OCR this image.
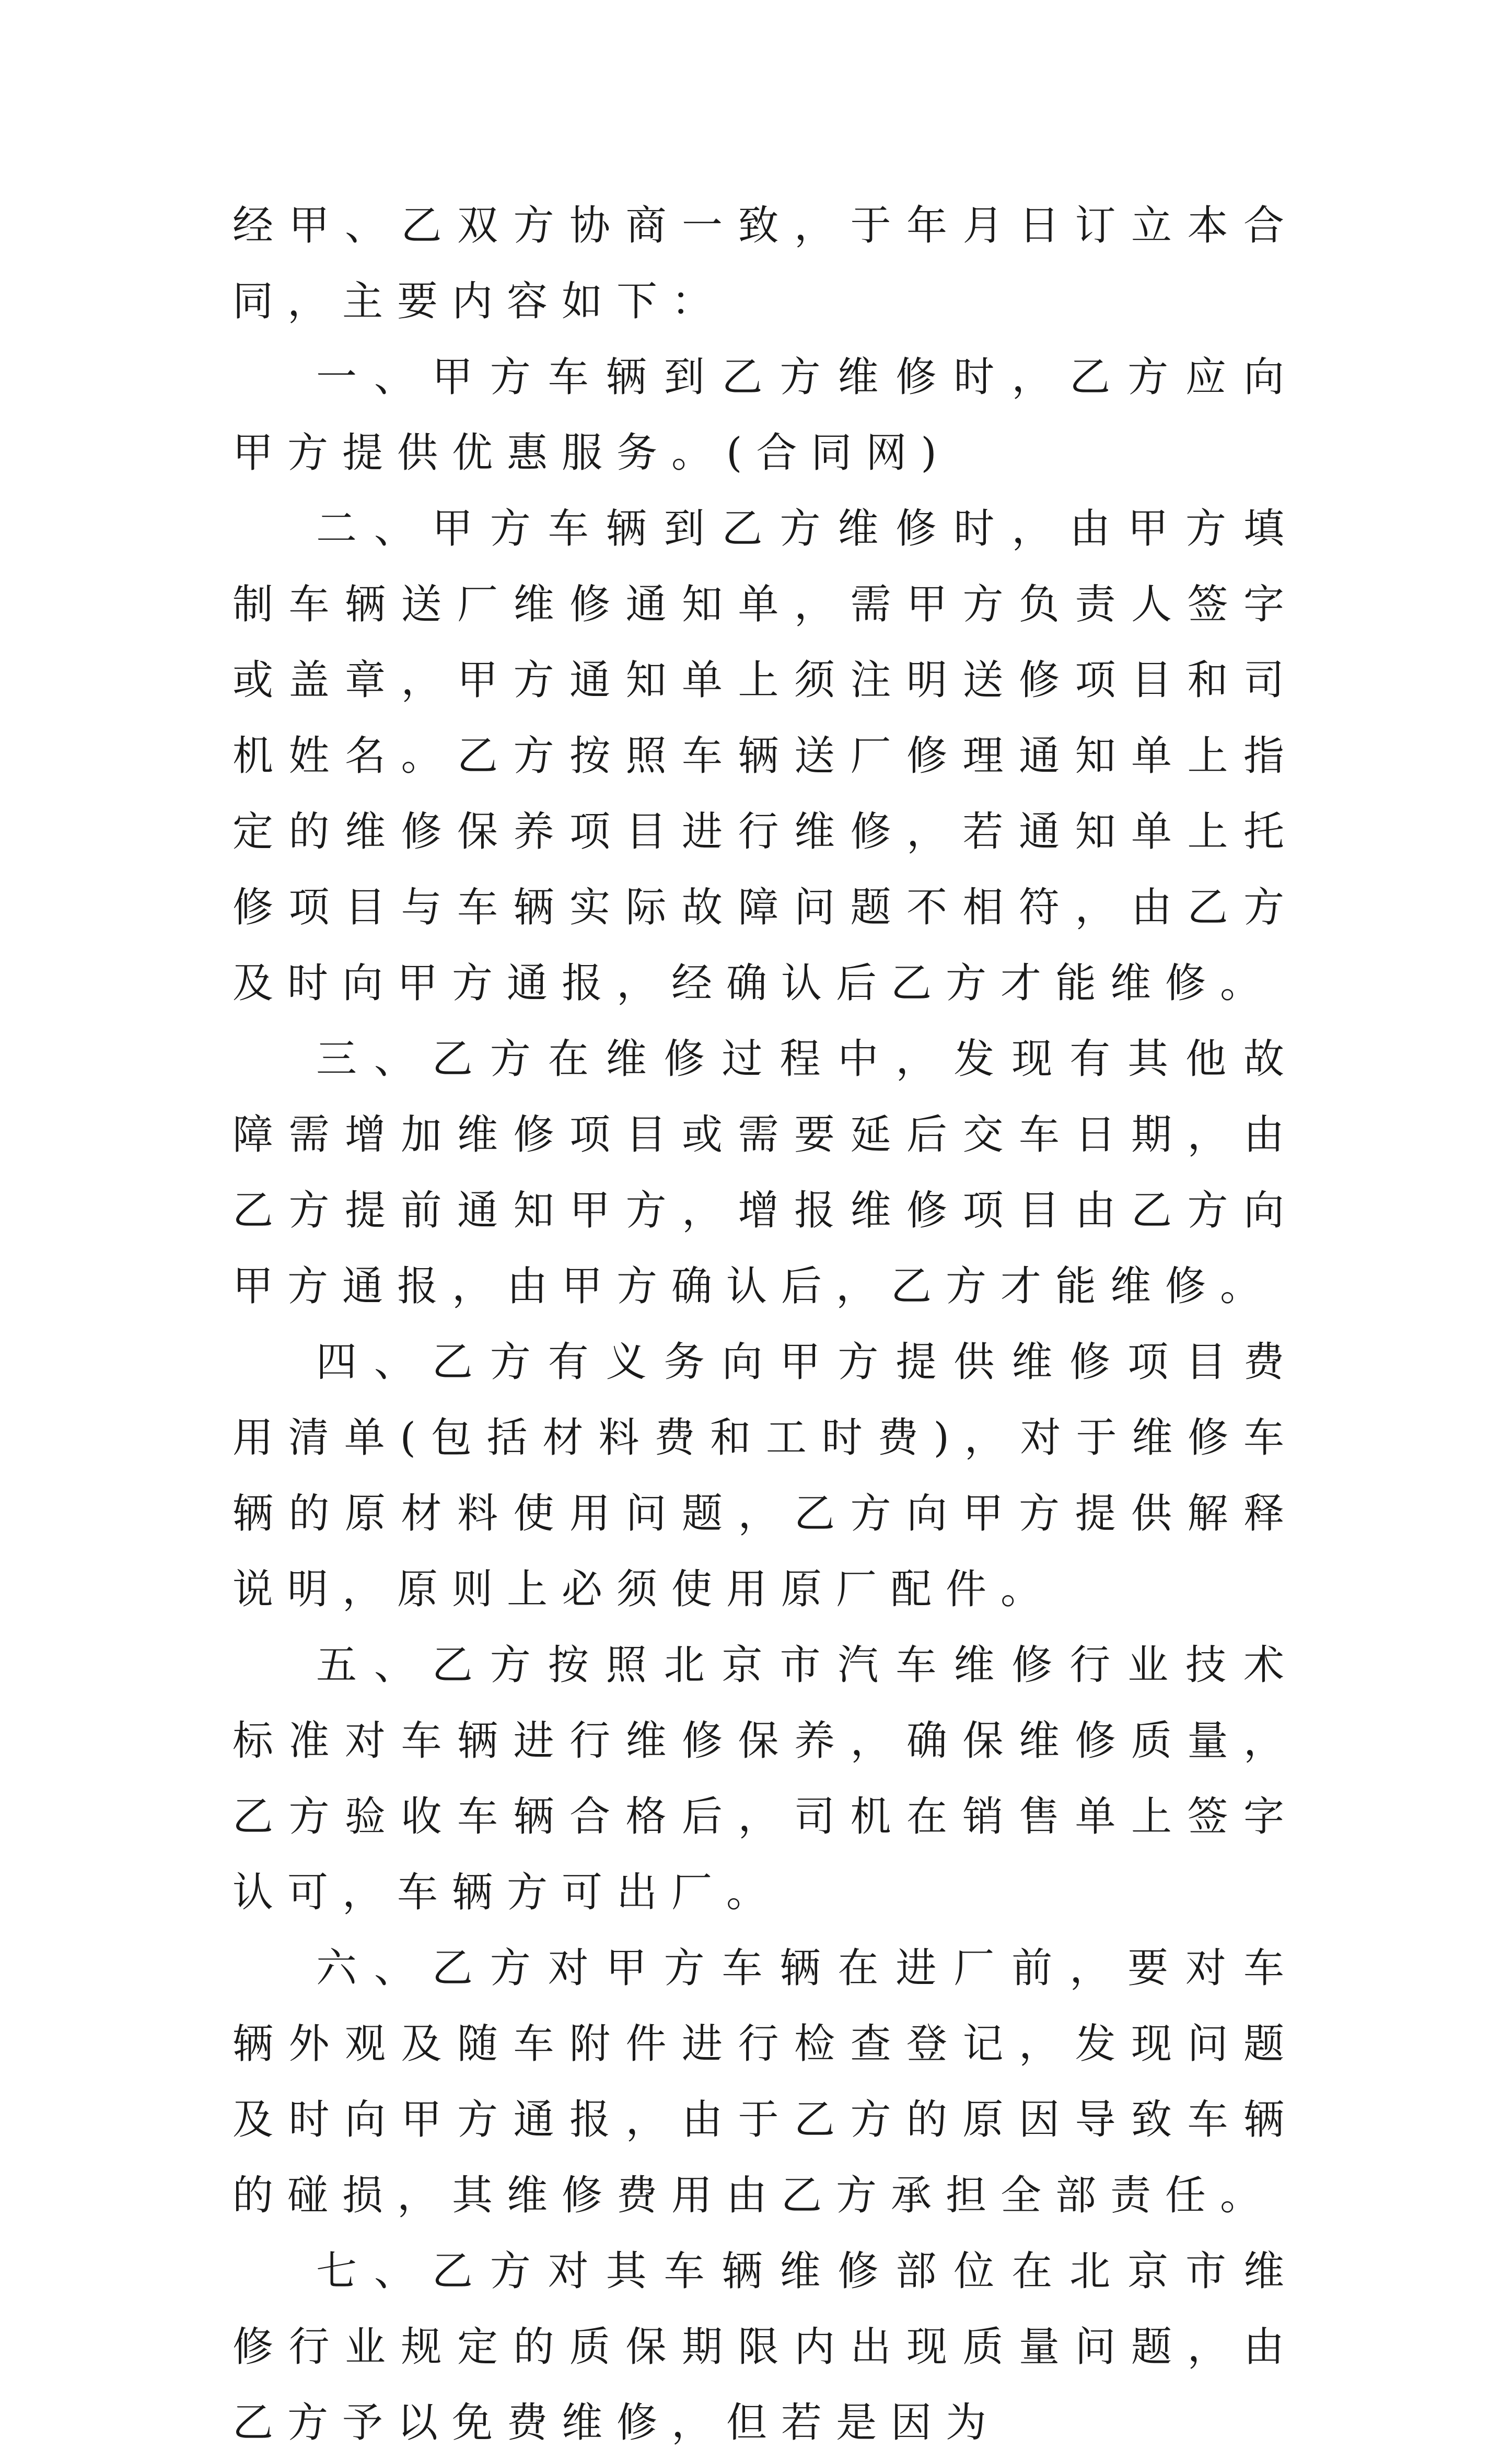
经甲、乙双方协商一致，于年月日订立本合同，主要内容如下：

一、甲方车辆到乙方维修时，乙方应向甲方提供优惠服务。(合同网)

二、甲方车辆到乙方维修时，由甲方填制车辆送厂维修通知单，需甲方负责人签字或盖章，甲方通知单上须注明送修项目和司机姓名。乙方按照车辆送厂修理通知单上指定的维修保养项目进行维修，若通知单上托修项目与车辆实际故障问题不相符，由乙方及时向甲方通报，经确认后乙方才能维修。

三、乙方在维修过程中，发现有其他故障需增加维修项目或需要延后交车日期，由乙方提前通知甲方，增报维修项目由乙方向甲方通报，由甲方确认后，乙方才能维修。

四、乙方有义务向甲方提供维修项目费用清单(包括材料费和工时费)，对于维修车辆的原材料使用问题，乙方向甲方提供解释说明，原则上必须使用原厂配件。

五、乙方按照北京市汽车维修行业技术标准对车辆进行维修保养，确保维修质量，乙方验收车辆合格后，司机在销售单上签字认可，车辆方可出厂。

六、乙方对甲方车辆在进厂前，要对车辆外观及随车附件进行检查登记，发现问题及时向甲方通报，由于乙方的原因导致车辆的碰损，其维修费用由乙方承担全部责任。

七、乙方对其车辆维修部位在北京市维修行业规定的质保期限内出现质量问题，由乙方予以免费维修，但若是因为
